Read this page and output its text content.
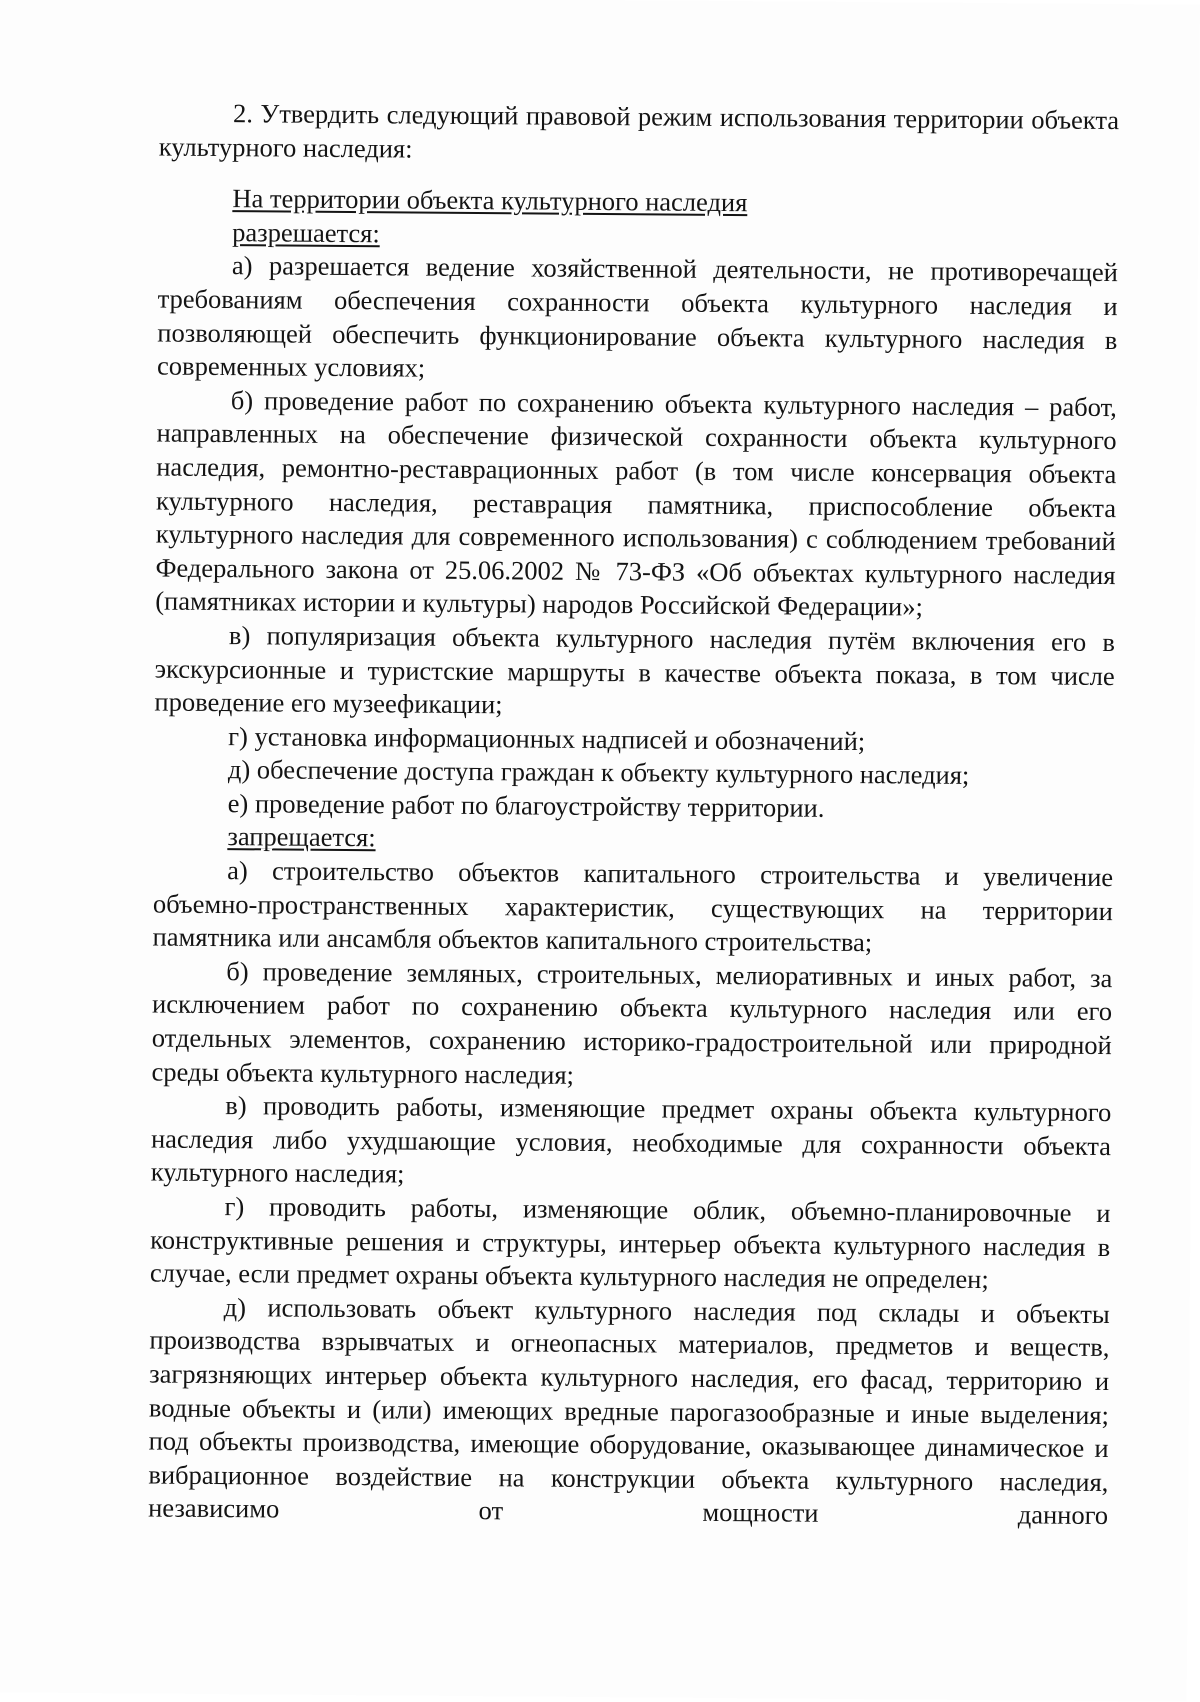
2. Утвердить следующий правовой режим использования территории объекта культурного наследия:

На территории объекта культурного наследия

разрешается:

а) разрешается ведение хозяйственной деятельности, не противоречащей требованиям обеспечения сохранности объекта культурного наследия и позволяющей обеспечить функционирование объекта культурного наследия в современных условиях;

б) проведение работ по сохранению объекта культурного наследия – работ, направленных на обеспечение физической сохранности объекта культурного наследия, ремонтно-реставрационных работ (в том числе консервация объекта культурного наследия, реставрация памятника, приспособление объекта культурного наследия для современного использования) с соблюдением требований Федерального закона от 25.06.2002 № 73-ФЗ «Об объектах культурного наследия (памятниках истории и культуры) народов Российской Федерации»;

в) популяризация объекта культурного наследия путём включения его в экскурсионные и туристские маршруты в качестве объекта показа, в том числе проведение его музеефикации;

г) установка информационных надписей и обозначений;

д) обеспечение доступа граждан к объекту культурного наследия;

е) проведение работ по благоустройству территории.

запрещается:

а) строительство объектов капитального строительства и увеличение объемно-пространственных характеристик, существующих на территории памятника или ансамбля объектов капитального строительства;

б) проведение земляных, строительных, мелиоративных и иных работ, за исключением работ по сохранению объекта культурного наследия или его отдельных элементов, сохранению историко-градостроительной или природной среды объекта культурного наследия;

в) проводить работы, изменяющие предмет охраны объекта культурного наследия либо ухудшающие условия, необходимые для сохранности объекта культурного наследия;

г) проводить работы, изменяющие облик, объемно-планировочные и конструктивные решения и структуры, интерьер объекта культурного наследия в случае, если предмет охраны объекта культурного наследия не определен;

д) использовать объект культурного наследия под склады и объекты производства взрывчатых и огнеопасных материалов, предметов и веществ, загрязняющих интерьер объекта культурного наследия, его фасад, территорию и водные объекты и (или) имеющих вредные парогазообразные и иные выделения; под объекты производства, имеющие оборудование, оказывающее динамическое и вибрационное воздействие на конструкции объекта культурного наследия, независимо от мощности данного
